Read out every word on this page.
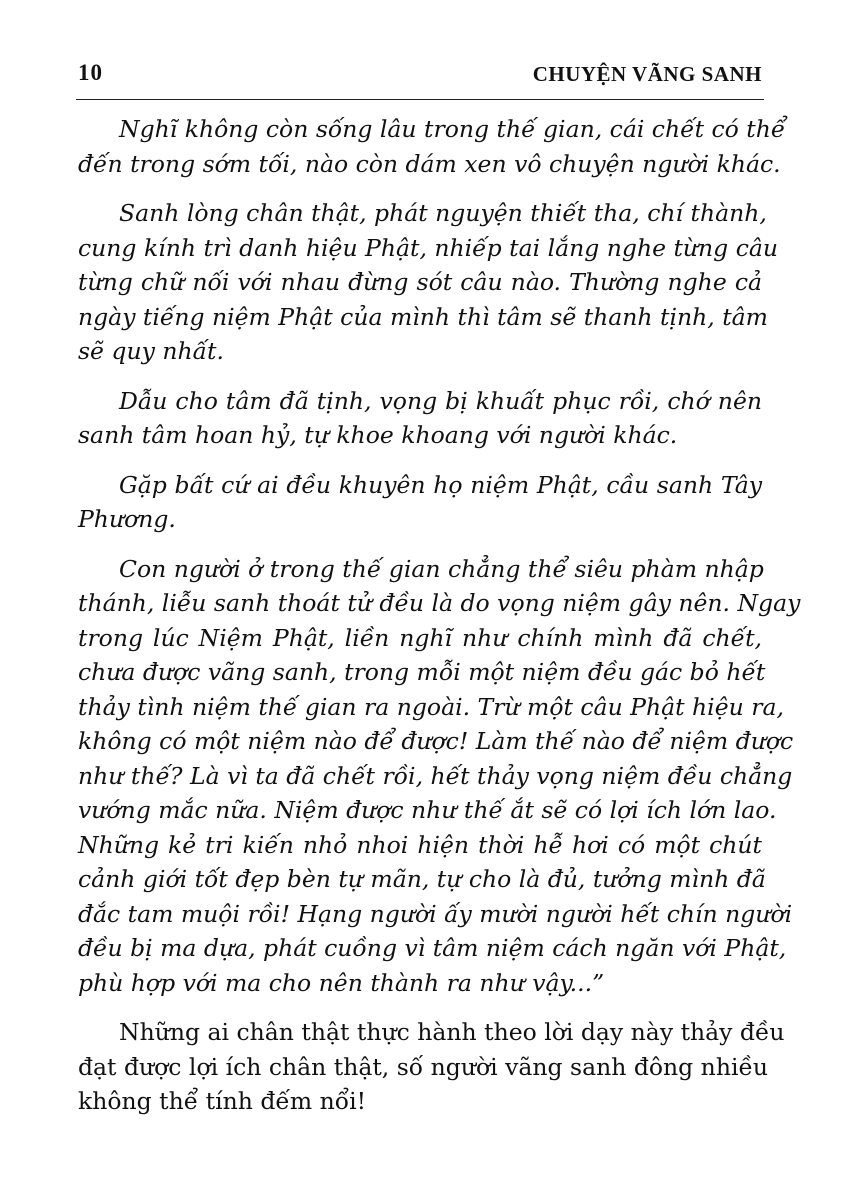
10	CHUYỆN VÃNG SANH
Nghĩ không còn sống lâu trong thế gian, cái chết có thể
đến trong sớm tối, nào còn dám xen vô chuyện người khác.
Sanh lòng chân thật, phát nguyện thiết tha, chí thành,
cung kính trì danh hiệu Phật, nhiếp tai lắng nghe từng câu
từng chữ nối với nhau đừng sót câu nào. Thường nghe cả
ngày tiếng niệm Phật của mình thì tâm sẽ thanh tịnh, tâm
sẽ quy nhất.
Dẫu cho tâm đã tịnh, vọng bị khuất phục rồi, chớ nên
sanh tâm hoan hỷ, tự khoe khoang với người khác.
Gặp bất cứ ai đều khuyên họ niệm Phật, cầu sanh Tây
Phương.
Con người ở trong thế gian chẳng thể siêu phàm nhập
thánh, liễu sanh thoát tử đều là do vọng niệm gây nên. Ngay
trong lúc Niệm Phật, liền nghĩ như chính mình đã chết,
chưa được vãng sanh, trong mỗi một niệm đều gác bỏ hết
thảy tình niệm thế gian ra ngoài. Trừ một câu Phật hiệu ra,
không có một niệm nào để được! Làm thế nào để niệm được
như thế? Là vì ta đã chết rồi, hết thảy vọng niệm đều chẳng
vướng mắc nữa. Niệm được như thế ắt sẽ có lợi ích lớn lao.
Những kẻ tri kiến nhỏ nhoi hiện thời hễ hơi có một chút
cảnh giới tốt đẹp bèn tự mãn, tự cho là đủ, tưởng mình đã
đắc tam muội rồi! Hạng người ấy mười người hết chín người
đều bị ma dựa, phát cuồng vì tâm niệm cách ngăn với Phật,
phù hợp với ma cho nên thành ra như vậy...”
Những ai chân thật thực hành theo lời dạy này thảy đều
đạt được lợi ích chân thật, số người vãng sanh đông nhiều
không thể tính đếm nổi!
